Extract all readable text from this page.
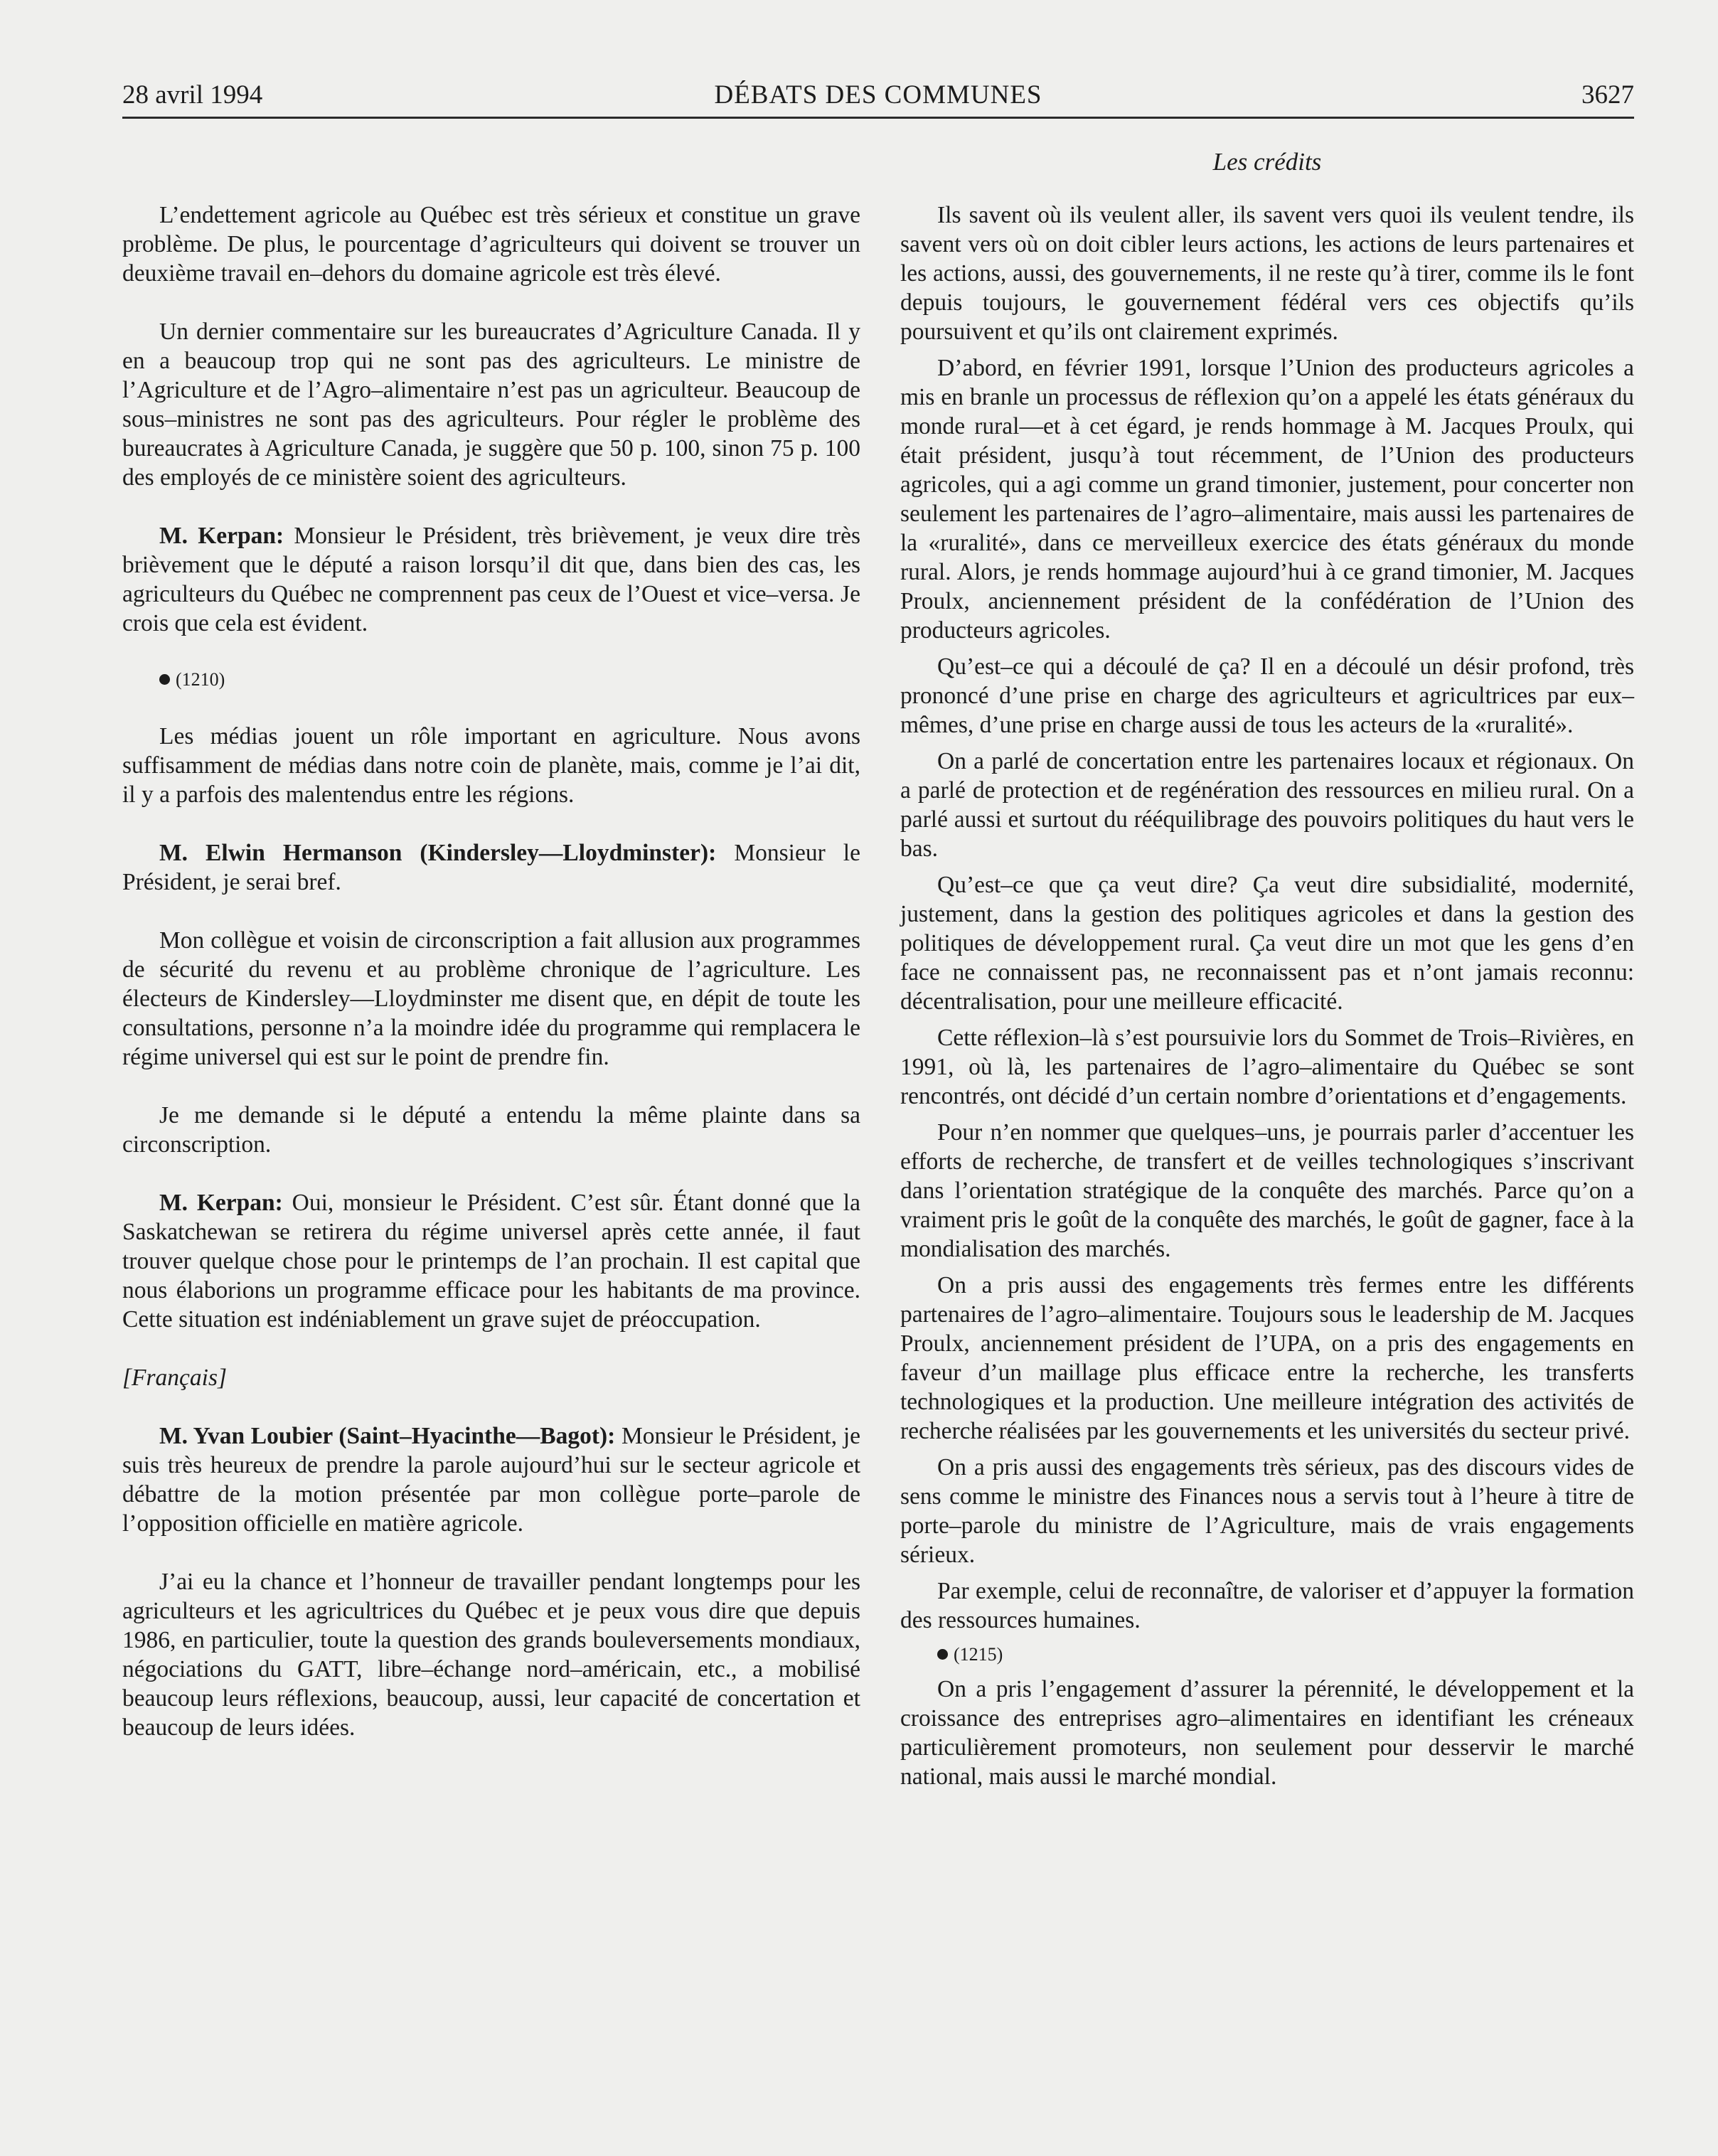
28 avril 1994	DÉBATS DES COMMUNES	3627
Les crédits

L’endettement agricole au Québec est très sérieux et constitue un grave problème. De plus, le pourcentage d’agriculteurs qui doivent se trouver un deuxième travail en–dehors du domaine agricole est très élevé.

Un dernier commentaire sur les bureaucrates d’Agriculture Canada. Il y en a beaucoup trop qui ne sont pas des agriculteurs. Le ministre de l’Agriculture et de l’Agro–alimentaire n’est pas un agriculteur. Beaucoup de sous–ministres ne sont pas des agriculteurs. Pour régler le problème des bureaucrates à Agriculture Canada, je suggère que 50 p. 100, sinon 75 p. 100 des employés de ce ministère soient des agriculteurs.

M. Kerpan: Monsieur le Président, très brièvement, je veux dire très brièvement que le député a raison lorsqu’il dit que, dans bien des cas, les agriculteurs du Québec ne comprennent pas ceux de l’Ouest et vice–versa. Je crois que cela est évident.

(1210)

Les médias jouent un rôle important en agriculture. Nous avons suffisamment de médias dans notre coin de planète, mais, comme je l’ai dit, il y a parfois des malentendus entre les régions.

M. Elwin Hermanson (Kindersley—Lloydminster): Monsieur le Président, je serai bref.

Mon collègue et voisin de circonscription a fait allusion aux programmes de sécurité du revenu et au problème chronique de l’agriculture. Les électeurs de Kindersley—Lloydminster me disent que, en dépit de toute les consultations, personne n’a la moindre idée du programme qui remplacera le régime universel qui est sur le point de prendre fin.

Je me demande si le député a entendu la même plainte dans sa circonscription.

M. Kerpan: Oui, monsieur le Président. C’est sûr. Étant donné que la Saskatchewan se retirera du régime universel après cette année, il faut trouver quelque chose pour le printemps de l’an prochain. Il est capital que nous élaborions un programme efficace pour les habitants de ma province. Cette situation est indéniablement un grave sujet de préoccupation.

[Français]

M. Yvan Loubier (Saint–Hyacinthe—Bagot): Monsieur le Président, je suis très heureux de prendre la parole aujourd’hui sur le secteur agricole et débattre de la motion présentée par mon collègue porte–parole de l’opposition officielle en matière agricole.

J’ai eu la chance et l’honneur de travailler pendant longtemps pour les agriculteurs et les agricultrices du Québec et je peux vous dire que depuis 1986, en particulier, toute la question des grands bouleversements mondiaux, négociations du GATT, libre–échange nord–américain, etc., a mobilisé beaucoup leurs réflexions, beaucoup, aussi, leur capacité de concertation et beaucoup de leurs idées.

Ils savent où ils veulent aller, ils savent vers quoi ils veulent tendre, ils savent vers où on doit cibler leurs actions, les actions de leurs partenaires et les actions, aussi, des gouvernements, il ne reste qu’à tirer, comme ils le font depuis toujours, le gouvernement fédéral vers ces objectifs qu’ils poursuivent et qu’ils ont clairement exprimés.

D’abord, en février 1991, lorsque l’Union des producteurs agricoles a mis en branle un processus de réflexion qu’on a appelé les états généraux du monde rural—et à cet égard, je rends hommage à M. Jacques Proulx, qui était président, jusqu’à tout récemment, de l’Union des producteurs agricoles, qui a agi comme un grand timonier, justement, pour concerter non seulement les partenaires de l’agro–alimentaire, mais aussi les partenaires de la «ruralité», dans ce merveilleux exercice des états généraux du monde rural. Alors, je rends hommage aujourd’hui à ce grand timonier, M. Jacques Proulx, anciennement président de la confédération de l’Union des producteurs agricoles.

Qu’est–ce qui a découlé de ça? Il en a découlé un désir profond, très prononcé d’une prise en charge des agriculteurs et agricultrices par eux–mêmes, d’une prise en charge aussi de tous les acteurs de la «ruralité».

On a parlé de concertation entre les partenaires locaux et régionaux. On a parlé de protection et de regénération des ressources en milieu rural. On a parlé aussi et surtout du rééquilibrage des pouvoirs politiques du haut vers le bas.

Qu’est–ce que ça veut dire? Ça veut dire subsidialité, modernité, justement, dans la gestion des politiques agricoles et dans la gestion des politiques de développement rural. Ça veut dire un mot que les gens d’en face ne connaissent pas, ne reconnaissent pas et n’ont jamais reconnu: décentralisation, pour une meilleure efficacité.

Cette réflexion–là s’est poursuivie lors du Sommet de Trois–Rivières, en 1991, où là, les partenaires de l’agro–alimentaire du Québec se sont rencontrés, ont décidé d’un certain nombre d’orientations et d’engagements.

Pour n’en nommer que quelques–uns, je pourrais parler d’accentuer les efforts de recherche, de transfert et de veilles technologiques s’inscrivant dans l’orientation stratégique de la conquête des marchés. Parce qu’on a vraiment pris le goût de la conquête des marchés, le goût de gagner, face à la mondialisation des marchés.

On a pris aussi des engagements très fermes entre les différents partenaires de l’agro–alimentaire. Toujours sous le leadership de M. Jacques Proulx, anciennement président de l’UPA, on a pris des engagements en faveur d’un maillage plus efficace entre la recherche, les transferts technologiques et la production. Une meilleure intégration des activités de recherche réalisées par les gouvernements et les universités du secteur privé.

On a pris aussi des engagements très sérieux, pas des discours vides de sens comme le ministre des Finances nous a servis tout à l’heure à titre de porte–parole du ministre de l’Agriculture, mais de vrais engagements sérieux.

Par exemple, celui de reconnaître, de valoriser et d’appuyer la formation des ressources humaines.

(1215)

On a pris l’engagement d’assurer la pérennité, le développement et la croissance des entreprises agro–alimentaires en identifiant les créneaux particulièrement promoteurs, non seulement pour desservir le marché national, mais aussi le marché mondial.
